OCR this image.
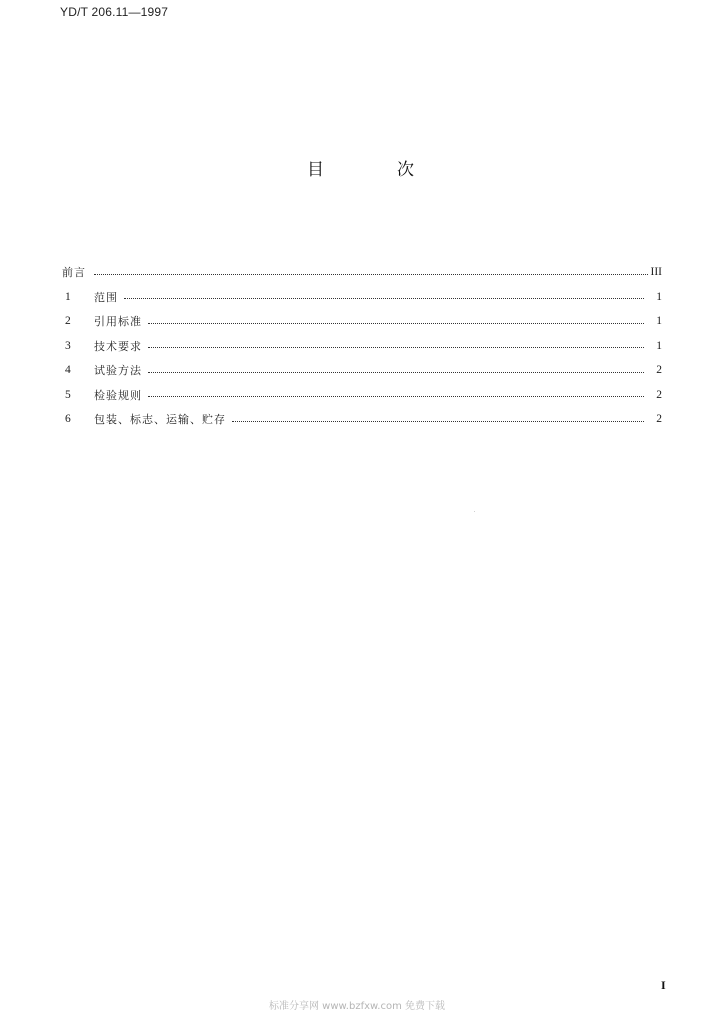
YD/T 206.11—1997
目	次
前言	III
1	范围	1
2	引用标准	1
3	技术要求	1
4	试验方法	2
5	检验规则	2
6	包装、标志、运输、贮存	2
I
标准分享网 www.bzfxw.com 免费下载
